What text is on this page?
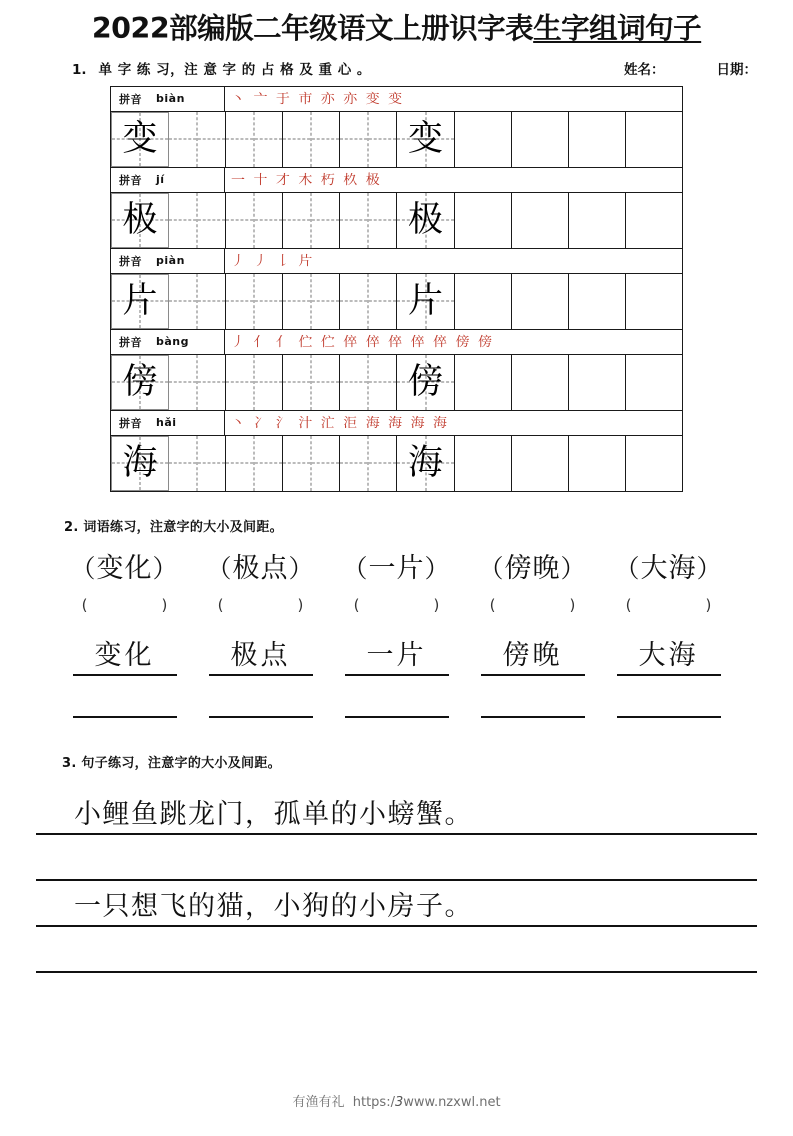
2022部编版二年级语文上册识字表生字组词句子
1. 单 字 练 习，注 意 字 的 占 格 及 重 心 。	姓名：	日期：
拼音 biàn	丶 亠 于 市 亦 亦 变 变
变	变
拼音 jí	一 十 才 木 朽 杦 极
极	极
拼音 piàn	丿 丿 𠄌 片
片	片
拼音 bàng	丿 亻 亻 伫 伫 倅 倅 倅 倅 倅 傍 傍
傍	傍
拼音 hǎi	丶 冫 氵 汁 汒 洰 海 海 海 海
海	海
2. 词语练习，注意字的大小及间距。
（变化）	（极点）	（一片）	（傍晚）	（大海）
(	)	(	)	(	)	(	)	(	)
变化	极点	一片	傍晚	大海
3. 句子练习，注意字的大小及间距。
小鲤鱼跳龙门，孤单的小螃蟹。
一只想飞的猫，小狗的小房子。
有渔有礼 https:/3www.nzxwl.net
